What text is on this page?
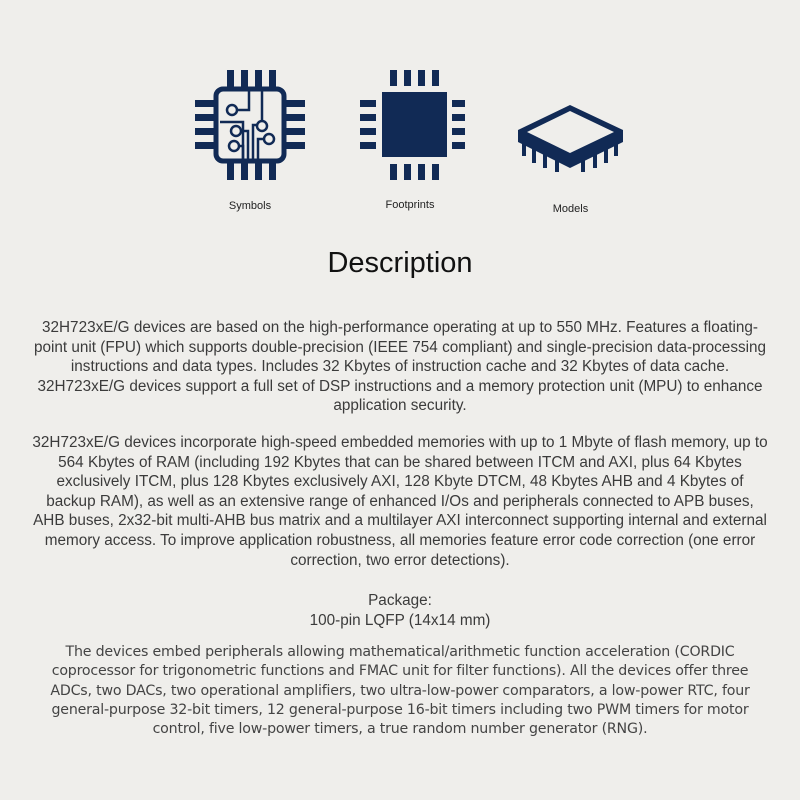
Symbols	Footprints	Models
Description
32H723xE/G devices are based on the high-performance operating at up to 550 MHz. Features a floating-point unit (FPU) which supports double-precision (IEEE 754 compliant) and single-precision data-processing instructions and data types. Includes 32 Kbytes of instruction cache and 32 Kbytes of data cache. 32H723xE/G devices support a full set of DSP instructions and a memory protection unit (MPU) to enhance application security.
32H723xE/G devices incorporate high-speed embedded memories with up to 1 Mbyte of flash memory, up to 564 Kbytes of RAM (including 192 Kbytes that can be shared between ITCM and AXI, plus 64 Kbytes exclusively ITCM, plus 128 Kbytes exclusively AXI, 128 Kbyte DTCM, 48 Kbytes AHB and 4 Kbytes of backup RAM), as well as an extensive range of enhanced I/Os and peripherals connected to APB buses, AHB buses, 2x32-bit multi-AHB bus matrix and a multilayer AXI interconnect supporting internal and external memory access. To improve application robustness, all memories feature error code correction (one error correction, two error detections).
Package:
100-pin LQFP (14x14 mm)
The devices embed peripherals allowing mathematical/arithmetic function acceleration (CORDIC coprocessor for trigonometric functions and FMAC unit for filter functions). All the devices offer three ADCs, two DACs, two operational amplifiers, two ultra-low-power comparators, a low-power RTC, four general-purpose 32-bit timers, 12 general-purpose 16-bit timers including two PWM timers for motor control, five low-power timers, a true random number generator (RNG).
